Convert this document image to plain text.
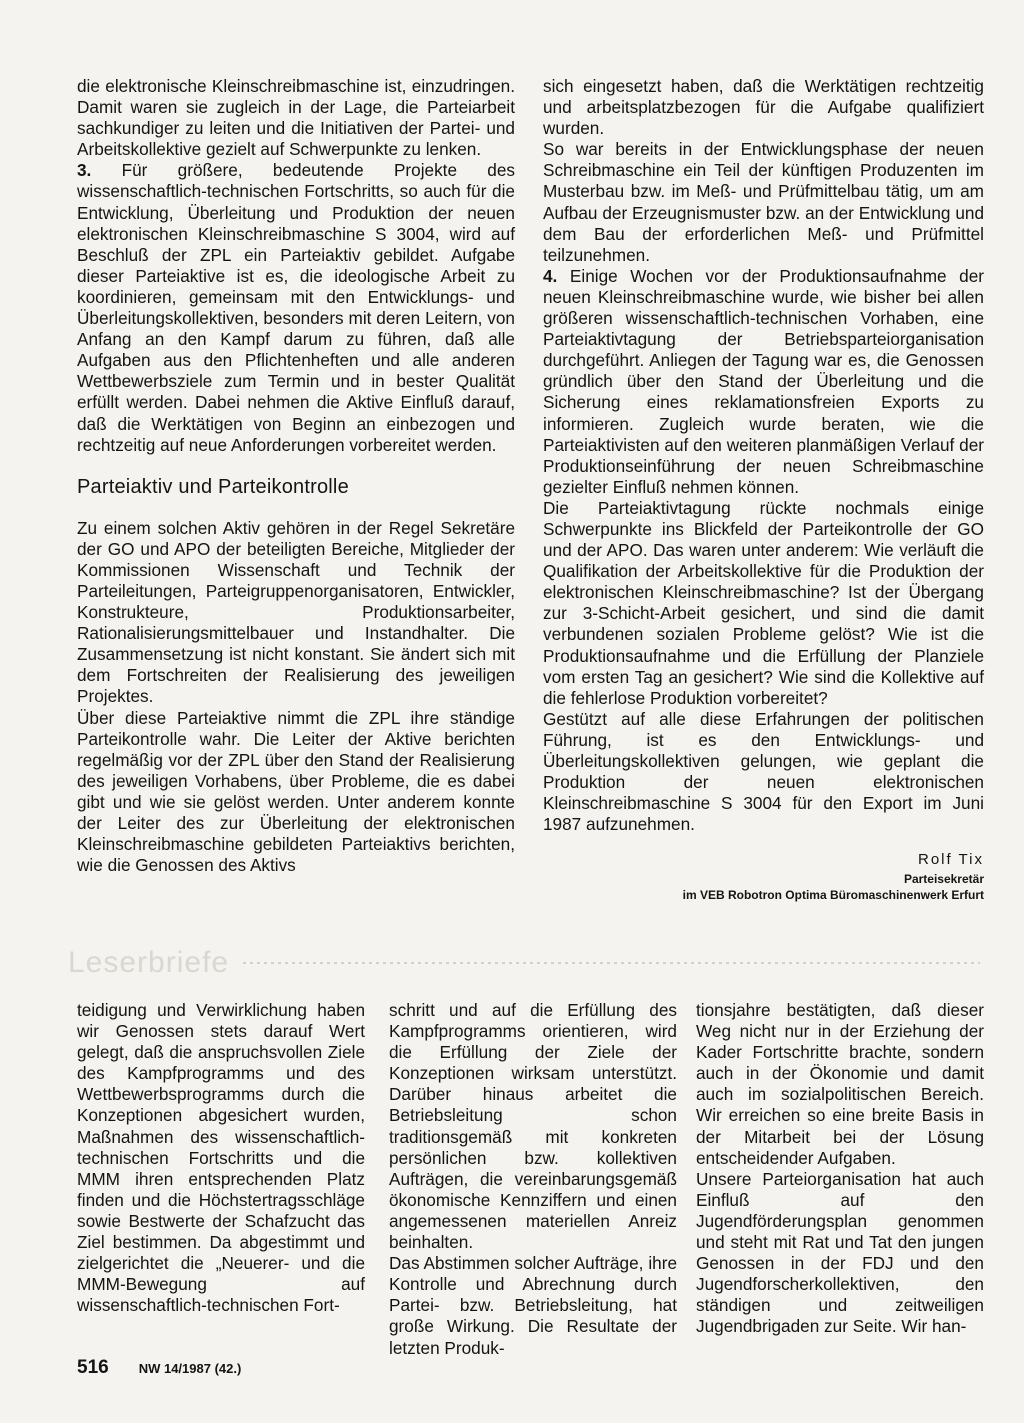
die elektronische Kleinschreibmaschine ist, einzudringen. Damit waren sie zugleich in der Lage, die Parteiarbeit sachkundiger zu leiten und die Initiativen der Partei- und Arbeitskollektive gezielt auf Schwerpunkte zu lenken.

3. Für größere, bedeutende Projekte des wissenschaftlich-technischen Fortschritts, so auch für die Entwicklung, Überleitung und Produktion der neuen elektronischen Kleinschreibmaschine S 3004, wird auf Beschluß der ZPL ein Parteiaktiv gebildet. Aufgabe dieser Parteiaktive ist es, die ideologische Arbeit zu koordinieren, gemeinsam mit den Entwicklungs- und Überleitungskollektiven, besonders mit deren Leitern, von Anfang an den Kampf darum zu führen, daß alle Aufgaben aus den Pflichtenheften und alle anderen Wettbewerbsziele zum Termin und in bester Qualität erfüllt werden. Dabei nehmen die Aktive Einfluß darauf, daß die Werktätigen von Beginn an einbezogen und rechtzeitig auf neue Anforderungen vorbereitet werden.

Parteiaktiv und Parteikontrolle

Zu einem solchen Aktiv gehören in der Regel Sekretäre der GO und APO der beteiligten Bereiche, Mitglieder der Kommissionen Wissenschaft und Technik der Parteileitungen, Parteigruppenorganisatoren, Entwickler, Konstrukteure, Produktionsarbeiter, Rationalisierungsmittelbauer und Instandhalter. Die Zusammensetzung ist nicht konstant. Sie ändert sich mit dem Fortschreiten der Realisierung des jeweiligen Projektes.

Über diese Parteiaktive nimmt die ZPL ihre ständige Parteikontrolle wahr. Die Leiter der Aktive berichten regelmäßig vor der ZPL über den Stand der Realisierung des jeweiligen Vorhabens, über Probleme, die es dabei gibt und wie sie gelöst werden. Unter anderem konnte der Leiter des zur Überleitung der elektronischen Kleinschreibmaschine gebildeten Parteiaktivs berichten, wie die Genossen des Aktivs

sich eingesetzt haben, daß die Werktätigen rechtzeitig und arbeitsplatzbezogen für die Aufgabe qualifiziert wurden.

So war bereits in der Entwicklungsphase der neuen Schreibmaschine ein Teil der künftigen Produzenten im Musterbau bzw. im Meß- und Prüfmittelbau tätig, um am Aufbau der Erzeugnismuster bzw. an der Entwicklung und dem Bau der erforderlichen Meß- und Prüfmittel teilzunehmen.

4. Einige Wochen vor der Produktionsaufnahme der neuen Kleinschreibmaschine wurde, wie bisher bei allen größeren wissenschaftlich-technischen Vorhaben, eine Parteiaktivtagung der Betriebsparteiorganisation durchgeführt. Anliegen der Tagung war es, die Genossen gründlich über den Stand der Überleitung und die Sicherung eines reklamationsfreien Exports zu informieren. Zugleich wurde beraten, wie die Parteiaktivisten auf den weiteren planmäßigen Verlauf der Produktionseinführung der neuen Schreibmaschine gezielter Einfluß nehmen können.

Die Parteiaktivtagung rückte nochmals einige Schwerpunkte ins Blickfeld der Parteikontrolle der GO und der APO. Das waren unter anderem: Wie verläuft die Qualifikation der Arbeitskollektive für die Produktion der elektronischen Kleinschreibmaschine? Ist der Übergang zur 3-Schicht-Arbeit gesichert, und sind die damit verbundenen sozialen Probleme gelöst? Wie ist die Produktionsaufnahme und die Erfüllung der Planziele vom ersten Tag an gesichert? Wie sind die Kollektive auf die fehlerlose Produktion vorbereitet?

Gestützt auf alle diese Erfahrungen der politischen Führung, ist es den Entwicklungs- und Überleitungskollektiven gelungen, wie geplant die Produktion der neuen elektronischen Kleinschreibmaschine S 3004 für den Export im Juni 1987 aufzunehmen.

Rolf Tix
Parteisekretär
im VEB Robotron Optima Büromaschinenwerk Erfurt
Leserbriefe

teidigung und Verwirklichung haben wir Genossen stets darauf Wert gelegt, daß die anspruchsvollen Ziele des Kampfprogramms und des Wettbewerbsprogramms durch die Konzeptionen abgesichert wurden, Maßnahmen des wissenschaftlich-technischen Fortschritts und die MMM ihren entsprechenden Platz finden und die Höchstertragsschläge sowie Bestwerte der Schafzucht das Ziel bestimmen. Da abgestimmt und zielgerichtet die „Neuerer- und die MMM-Bewegung auf wissenschaftlich-technischen Fort-

schritt und auf die Erfüllung des Kampfprogramms orientieren, wird die Erfüllung der Ziele der Konzeptionen wirksam unterstützt. Darüber hinaus arbeitet die Betriebsleitung schon traditionsgemäß mit konkreten persönlichen bzw. kollektiven Aufträgen, die vereinbarungsgemäß ökonomische Kennziffern und einen angemessenen materiellen Anreiz beinhalten.

Das Abstimmen solcher Aufträge, ihre Kontrolle und Abrechnung durch Partei- bzw. Betriebsleitung, hat große Wirkung. Die Resultate der letzten Produk-

tionsjahre bestätigten, daß dieser Weg nicht nur in der Erziehung der Kader Fortschritte brachte, sondern auch in der Ökonomie und damit auch im sozialpolitischen Bereich. Wir erreichen so eine breite Basis in der Mitarbeit bei der Lösung entscheidender Aufgaben.

Unsere Parteiorganisation hat auch Einfluß auf den Jugendförderungsplan genommen und steht mit Rat und Tat den jungen Genossen in der FDJ und den Jugendforscherkollektiven, den ständigen und zeitweiligen Jugendbrigaden zur Seite. Wir han-

516 NW 14/1987 (42.)
